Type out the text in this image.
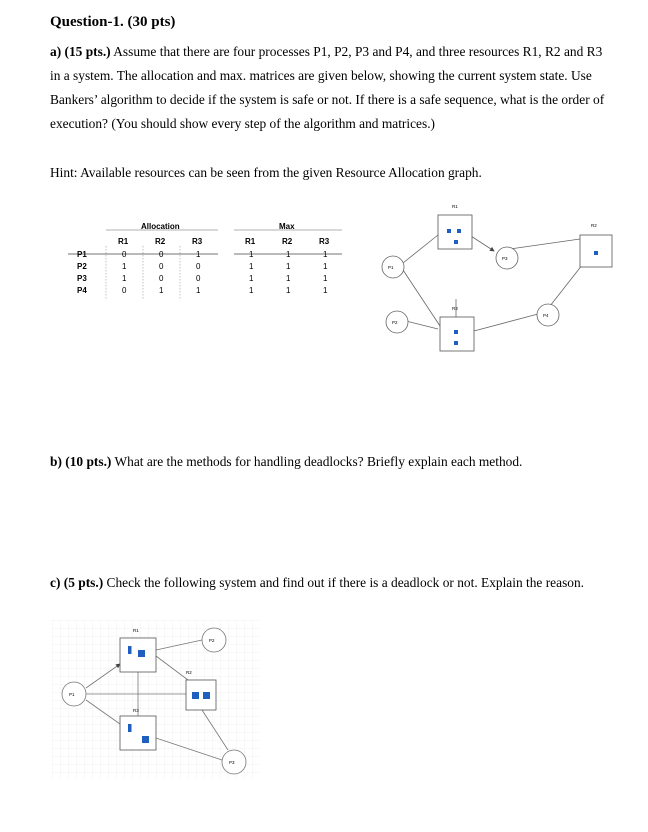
Question-1. (30 pts)

a) (15 pts.) Assume that there are four processes P1, P2, P3 and P4, and three resources R1, R2 and R3 in a system. The allocation and max. matrices are given below, showing the current system state. Use Bankers’ algorithm to decide if the system is safe or not. If there is a safe sequence, what is the order of execution? (You should show every step of the algorithm and matrices.)

Hint: Available resources can be seen from the given Resource Allocation graph.

Allocation	Max
R1	R2	R3	R1	R2	R3
P1	0	0	1	1	1	1
P2	1	0	0	1	1	1
P3	1	0	0	1	1	1
P4	0	1	1	1	1	1
R1
R2
R3
P1
P2
P3
P4

b) (10 pts.) What are the methods for handling deadlocks? Briefly explain each method.

c) (5 pts.) Check the following system and find out if there is a deadlock or not. Explain the reason.

R1
R2
R3
P1
P2
P3
